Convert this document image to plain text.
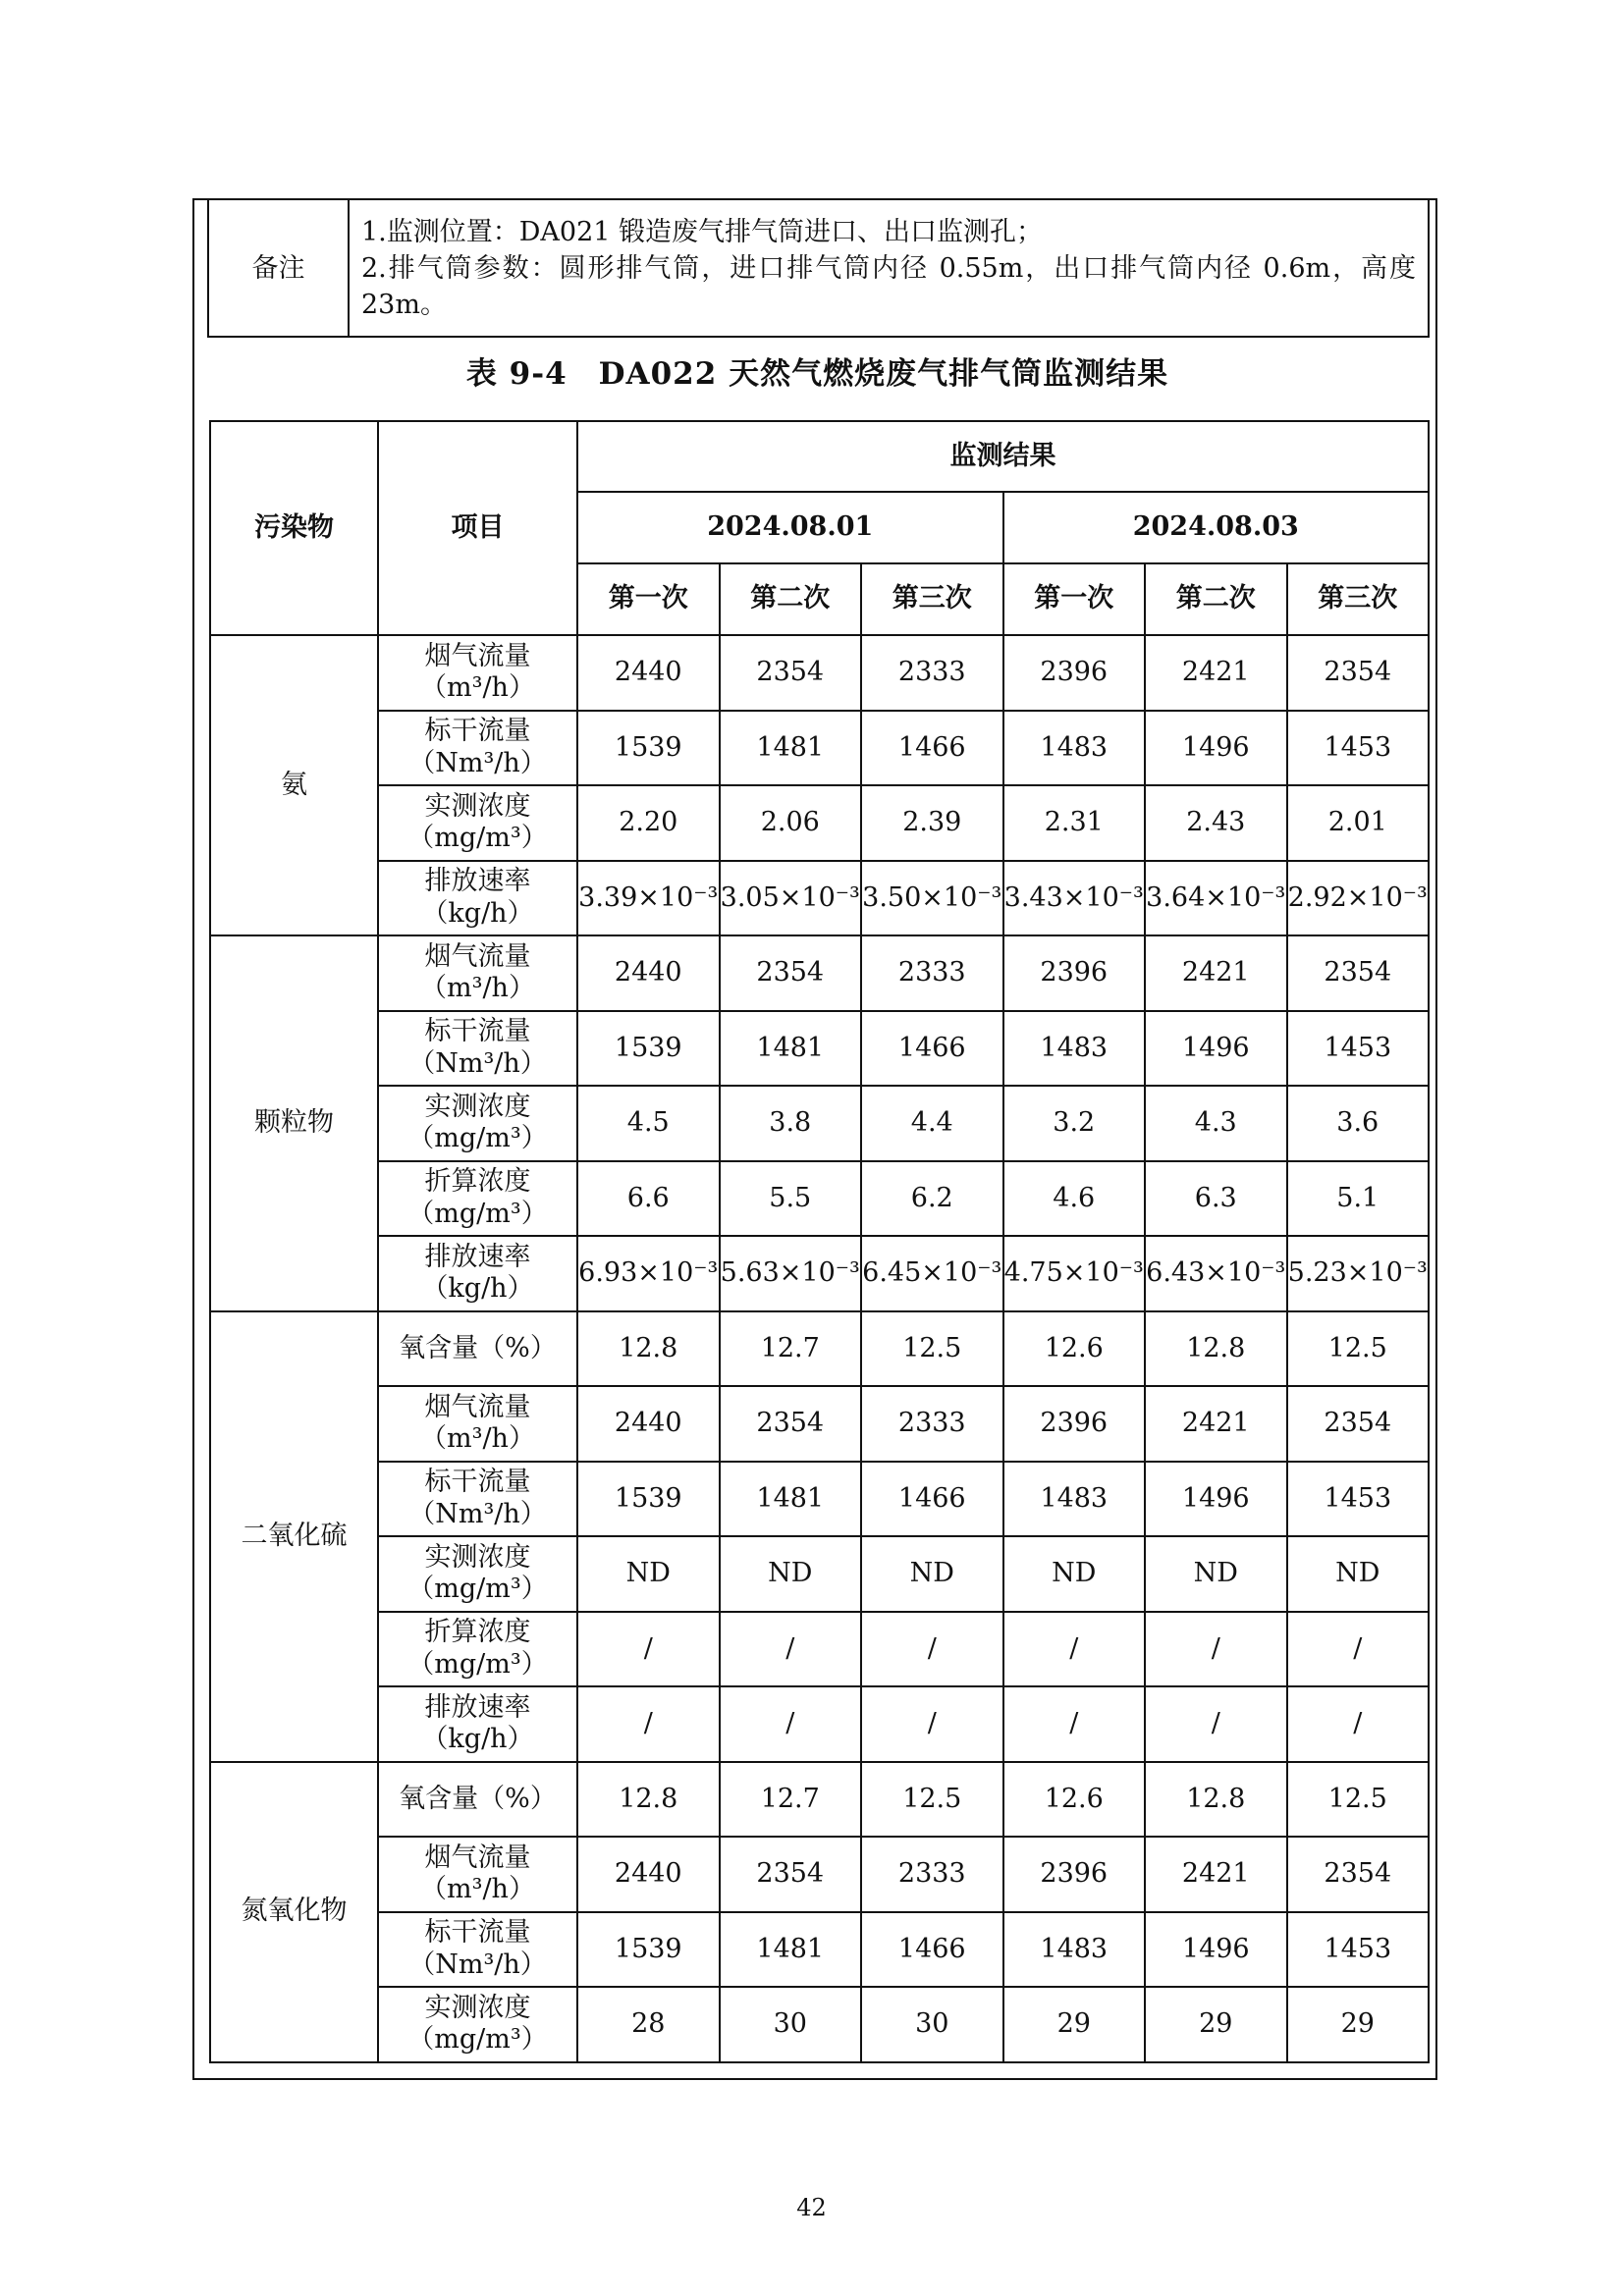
备注	
1.监测位置：DA021 锻造废气排气筒进口、出口监测孔；
2.排气筒参数：圆形排气筒，进口排气筒内径 0.55m，出口排气筒内径 0.6m，高度 23m。
表 9-4　DA022 天然气燃烧废气排气筒监测结果
污染物	项目	监测结果					
		2024.08.01			2024.08.03		
		第一次	第二次	第三次	第一次	第二次	第三次
氨	烟气流量
（m³/h）	2440	2354	2333	2396	2421	2354
	标干流量
（Nm³/h）	1539	1481	1466	1483	1496	1453
	实测浓度
（mg/m³）	2.20	2.06	2.39	2.31	2.43	2.01
	排放速率
（kg/h）	3.39×10⁻³	3.05×10⁻³	3.50×10⁻³	3.43×10⁻³	3.64×10⁻³	2.92×10⁻³
颗粒物	烟气流量
（m³/h）	2440	2354	2333	2396	2421	2354
	标干流量
（Nm³/h）	1539	1481	1466	1483	1496	1453
	实测浓度
（mg/m³）	4.5	3.8	4.4	3.2	4.3	3.6
	折算浓度
（mg/m³）	6.6	5.5	6.2	4.6	6.3	5.1
	排放速率
（kg/h）	6.93×10⁻³	5.63×10⁻³	6.45×10⁻³	4.75×10⁻³	6.43×10⁻³	5.23×10⁻³
二氧化硫	氧含量（%）	12.8	12.7	12.5	12.6	12.8	12.5
	烟气流量
（m³/h）	2440	2354	2333	2396	2421	2354
	标干流量
（Nm³/h）	1539	1481	1466	1483	1496	1453
	实测浓度
（mg/m³）	ND	ND	ND	ND	ND	ND
	折算浓度
（mg/m³）	/	/	/	/	/	/
	排放速率
（kg/h）	/	/	/	/	/	/
氮氧化物	氧含量（%）	12.8	12.7	12.5	12.6	12.8	12.5
	烟气流量
（m³/h）	2440	2354	2333	2396	2421	2354
	标干流量
（Nm³/h）	1539	1481	1466	1483	1496	1453
	实测浓度
（mg/m³）	28	30	30	29	29	29
42
